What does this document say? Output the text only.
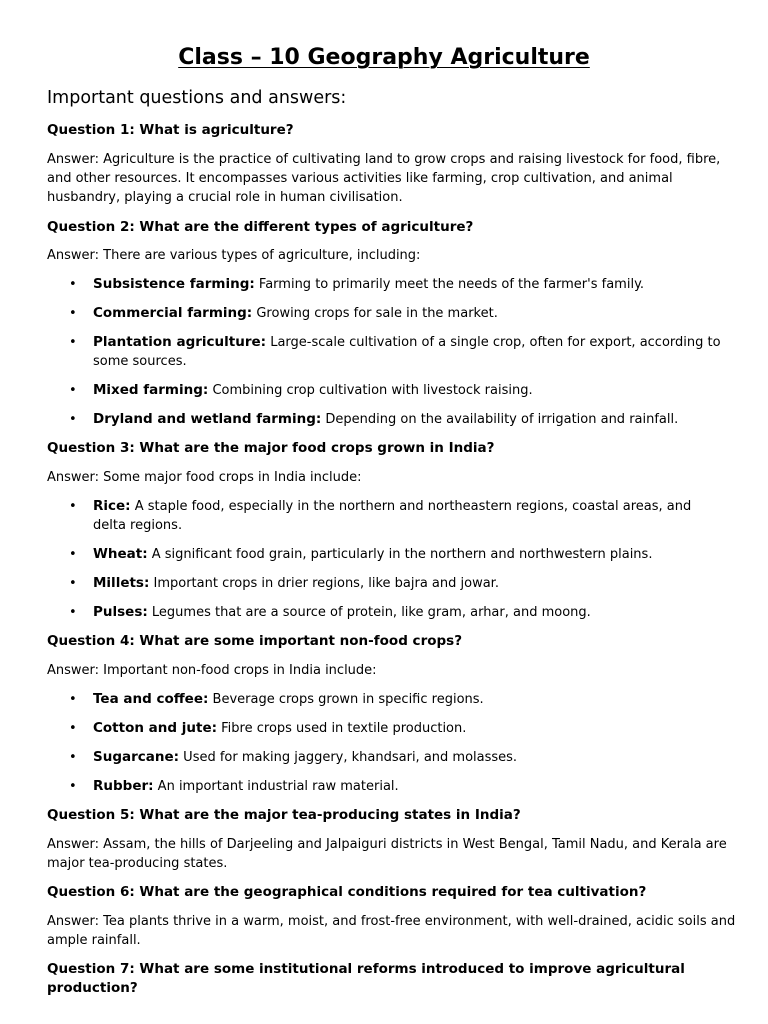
Class – 10 Geography Agriculture
Important questions and answers:

Question 1: What is agriculture?

Answer: Agriculture is the practice of cultivating land to grow crops and raising livestock for food, fibre, and other resources. It encompasses various activities like farming, crop cultivation, and animal husbandry, playing a crucial role in human civilisation.

Question 2: What are the different types of agriculture?

Answer: There are various types of agriculture, including:

• Subsistence farming: Farming to primarily meet the needs of the farmer's family.
• Commercial farming: Growing crops for sale in the market.
• Plantation agriculture: Large-scale cultivation of a single crop, often for export, according to some sources.
• Mixed farming: Combining crop cultivation with livestock raising.
• Dryland and wetland farming: Depending on the availability of irrigation and rainfall.

Question 3: What are the major food crops grown in India?

Answer: Some major food crops in India include:

• Rice: A staple food, especially in the northern and northeastern regions, coastal areas, and delta regions.
• Wheat: A significant food grain, particularly in the northern and northwestern plains.
• Millets: Important crops in drier regions, like bajra and jowar.
• Pulses: Legumes that are a source of protein, like gram, arhar, and moong.

Question 4: What are some important non-food crops?

Answer: Important non-food crops in India include:

• Tea and coffee: Beverage crops grown in specific regions.
• Cotton and jute: Fibre crops used in textile production.
• Sugarcane: Used for making jaggery, khandsari, and molasses.
• Rubber: An important industrial raw material.

Question 5: What are the major tea-producing states in India?

Answer: Assam, the hills of Darjeeling and Jalpaiguri districts in West Bengal, Tamil Nadu, and Kerala are major tea-producing states.

Question 6: What are the geographical conditions required for tea cultivation?

Answer: Tea plants thrive in a warm, moist, and frost-free environment, with well-drained, acidic soils and ample rainfall.

Question 7: What are some institutional reforms introduced to improve agricultural production?
